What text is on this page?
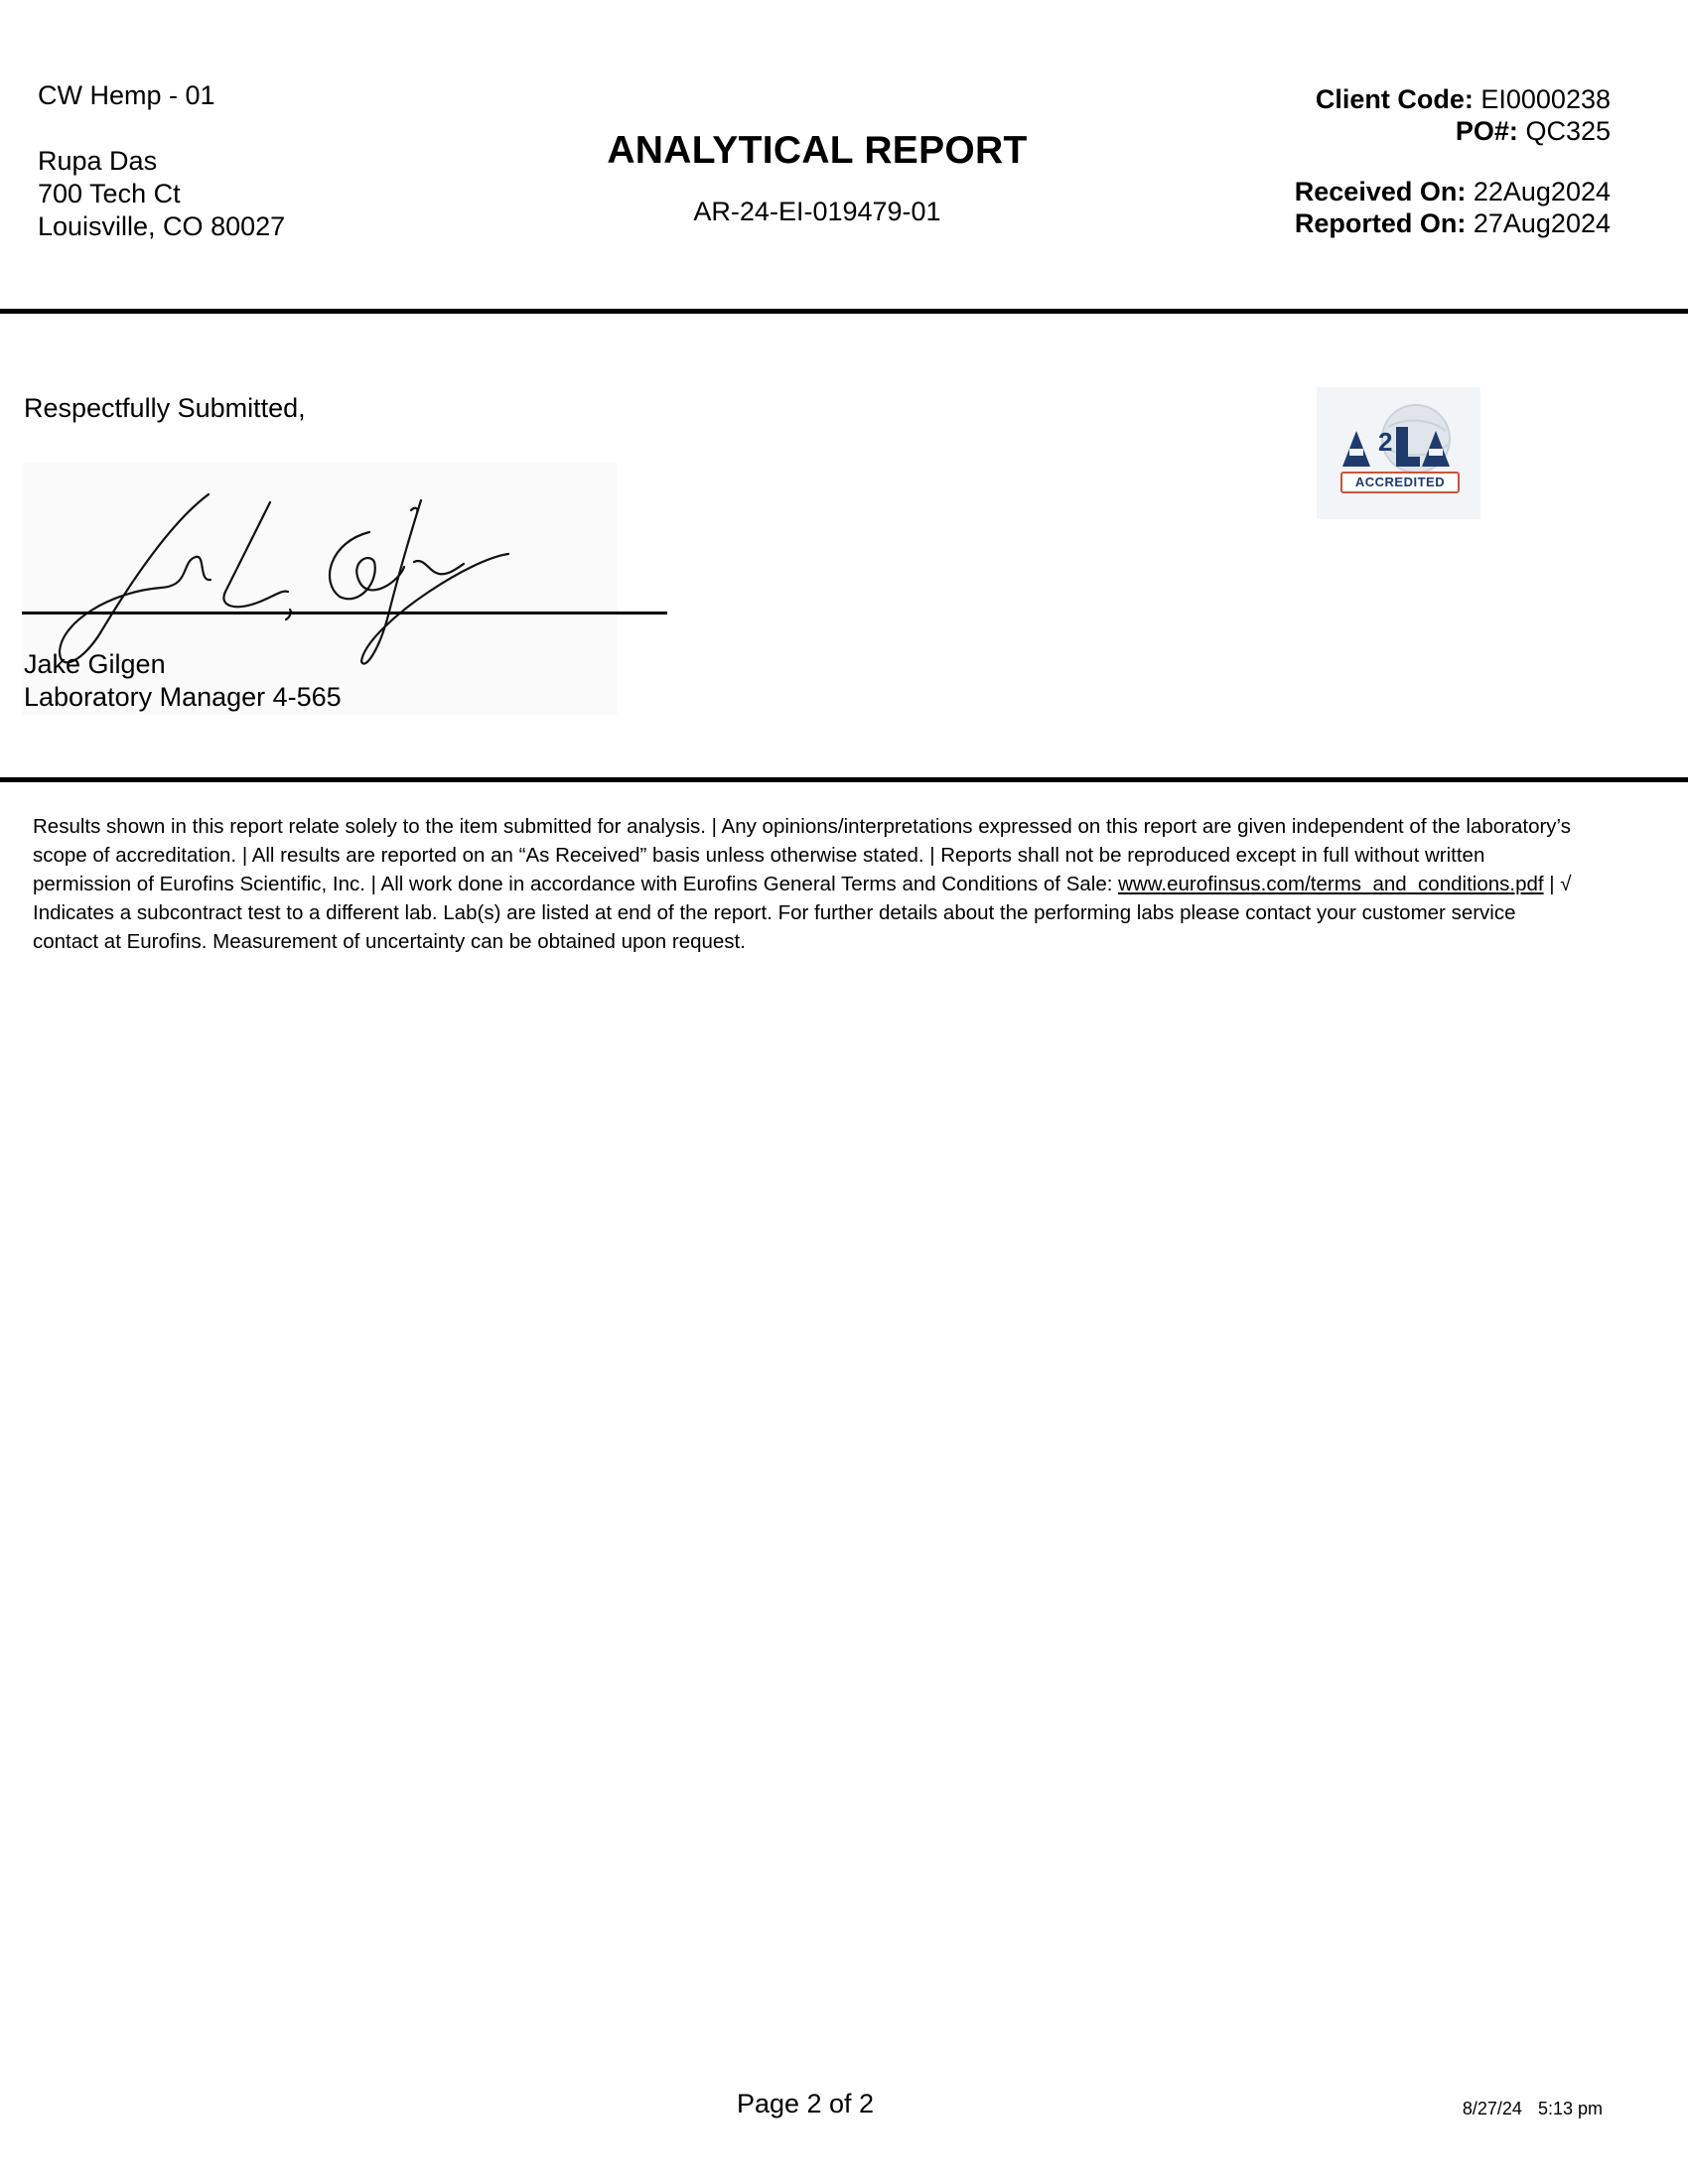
CW Hemp - 01
Rupa Das
700 Tech Ct
Louisville, CO 80027
ANALYTICAL REPORT
AR-24-EI-019479-01
Client Code: EI0000238
PO#: QC325
Received On: 22Aug2024
Reported On: 27Aug2024
Respectfully Submitted,
Jake Gilgen
Laboratory Manager 4-565
2
ACCREDITED
Results shown in this report relate solely to the item submitted for analysis. | Any opinions/interpretations expressed on this report are given independent of the laboratory’s scope of accreditation. | All results are reported on an “As Received” basis unless otherwise stated. | Reports shall not be reproduced except in full without written permission of Eurofins Scientific, Inc. | All work done in accordance with Eurofins General Terms and Conditions of Sale: www.eurofinsus.com/terms_and_conditions.pdf | √ Indicates a subcontract test to a different lab. Lab(s) are listed at end of the report. For further details about the performing labs please contact your customer service contact at Eurofins. Measurement of uncertainty can be obtained upon request.
Page 2 of 2	8/27/24 5:13 pm
